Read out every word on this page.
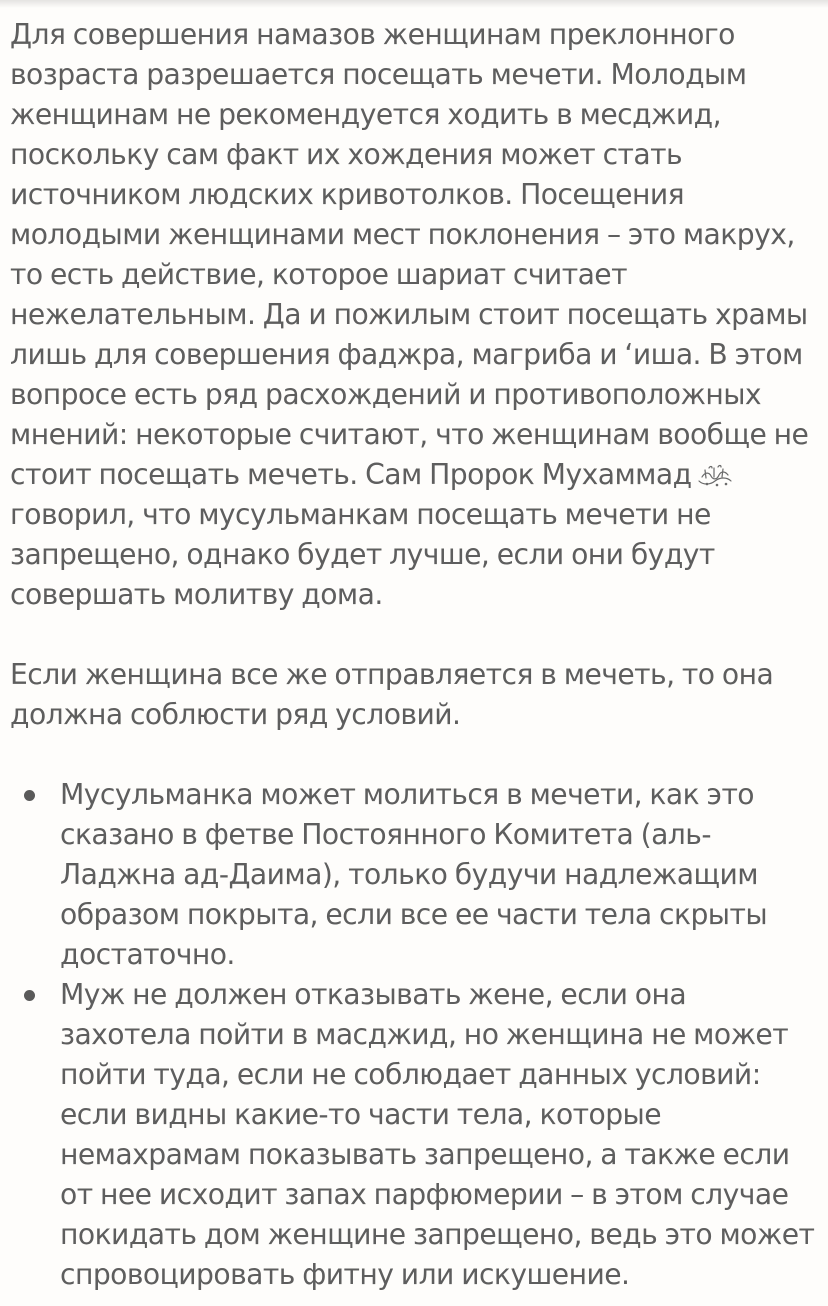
Для совершения намазов женщинам преклонного возраста разрешается посещать мечети. Молодым женщинам не рекомендуется ходить в месджид, поскольку сам факт их хождения может стать источником людских кривотолков. Посещения молодыми женщинами мест поклонения – это макрух, то есть действие, которое шариат считает нежелательным. Да и пожилым стоит посещать храмы лишь для совершения фаджра, магриба и ‘иша. В этом вопросе есть ряд расхождений и противоположных мнений: некоторые считают, что женщинам вообще не стоит посещать мечеть. Сам Пророк Мухаммад говорил, что мусульманкам посещать мечети не запрещено, однако будет лучше, если они будут совершать молитву дома.

Если женщина все же отправляется в мечеть, то она должна соблюсти ряд условий.

Мусульманка может молиться в мечети, как это сказано в фетве Постоянного Комитета (аль-Ладжна ад-Даима), только будучи надлежащим образом покрыта, если все ее части тела скрыты достаточно.
Муж не должен отказывать жене, если она захотела пойти в масджид, но женщина не может пойти туда, если не соблюдает данных условий: если видны какие-то части тела, которые немахрамам показывать запрещено, а также если от нее исходит запах парфюмерии – в этом случае покидать дом женщине запрещено, ведь это может спровоцировать фитну или искушение.
